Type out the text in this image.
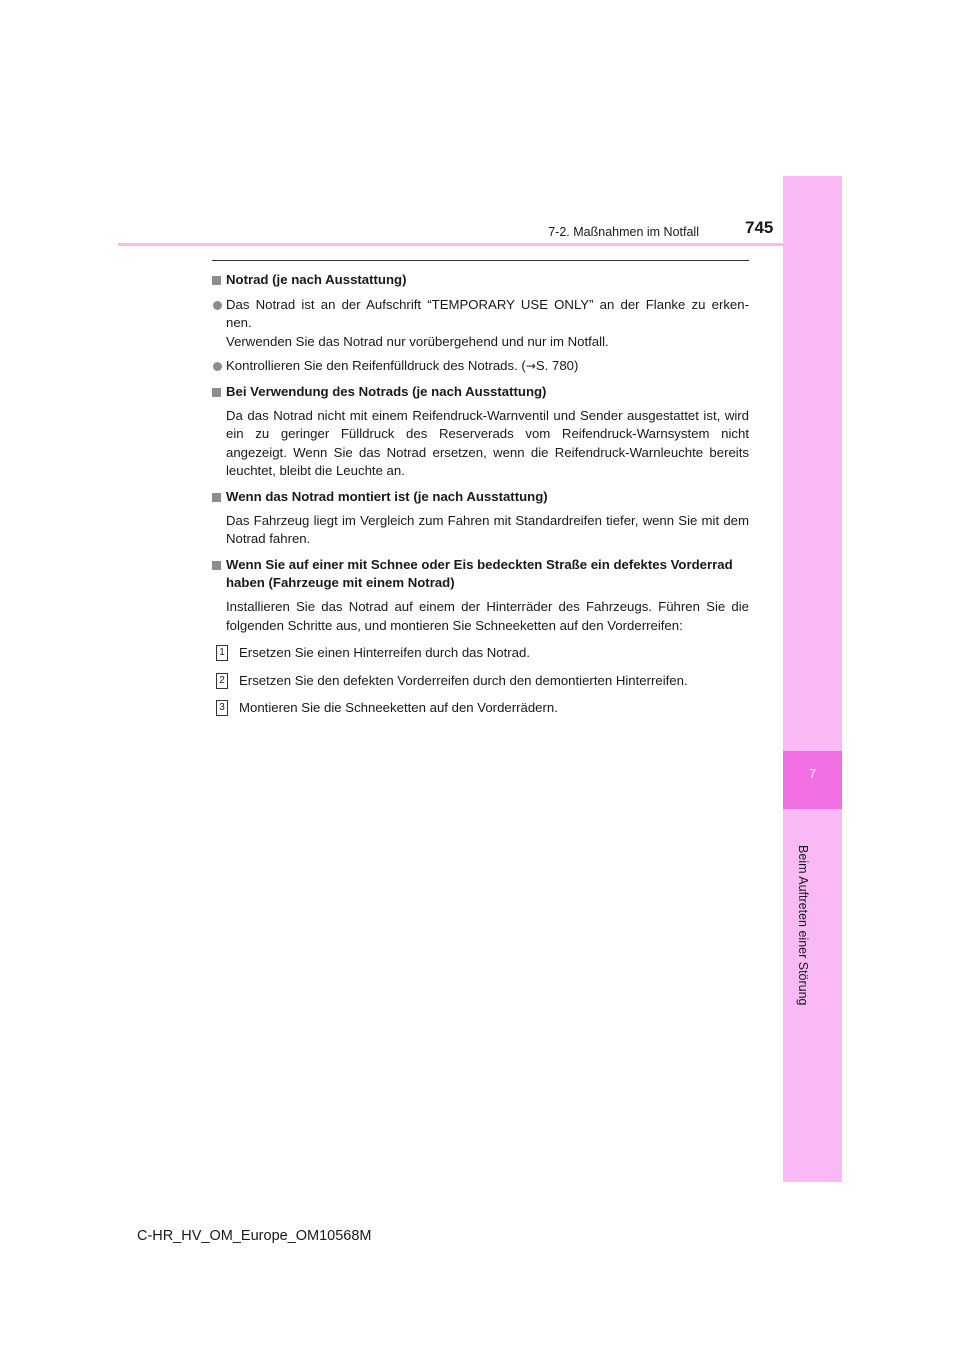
7
Beim Auftreten einer Störung
7-2. Maßnahmen im Notfall	745
Notrad (je nach Ausstattung)
Das Notrad ist an der Aufschrift “TEMPORARY USE ONLY” an der Flanke zu erken-
nen.
Verwenden Sie das Notrad nur vorübergehend und nur im Notfall.
Kontrollieren Sie den Reifenfülldruck des Notrads. (→S. 780)
Bei Verwendung des Notrads (je nach Ausstattung)
Da das Notrad nicht mit einem Reifendruck-Warnventil und Sender ausgestattet ist, wird ein zu geringer Fülldruck des Reserverads vom Reifendruck-Warnsystem nicht angezeigt. Wenn Sie das Notrad ersetzen, wenn die Reifendruck-Warnleuchte bereits leuchtet, bleibt die Leuchte an.
Wenn das Notrad montiert ist (je nach Ausstattung)
Das Fahrzeug liegt im Vergleich zum Fahren mit Standardreifen tiefer, wenn Sie mit dem Notrad fahren.
Wenn Sie auf einer mit Schnee oder Eis bedeckten Straße ein defektes Vorderrad haben (Fahrzeuge mit einem Notrad)
Installieren Sie das Notrad auf einem der Hinterräder des Fahrzeugs. Führen Sie die folgenden Schritte aus, und montieren Sie Schneeketten auf den Vorderreifen:
1 Ersetzen Sie einen Hinterreifen durch das Notrad.
2 Ersetzen Sie den defekten Vorderreifen durch den demontierten Hinterreifen.
3 Montieren Sie die Schneeketten auf den Vorderrädern.
C-HR_HV_OM_Europe_OM10568M
